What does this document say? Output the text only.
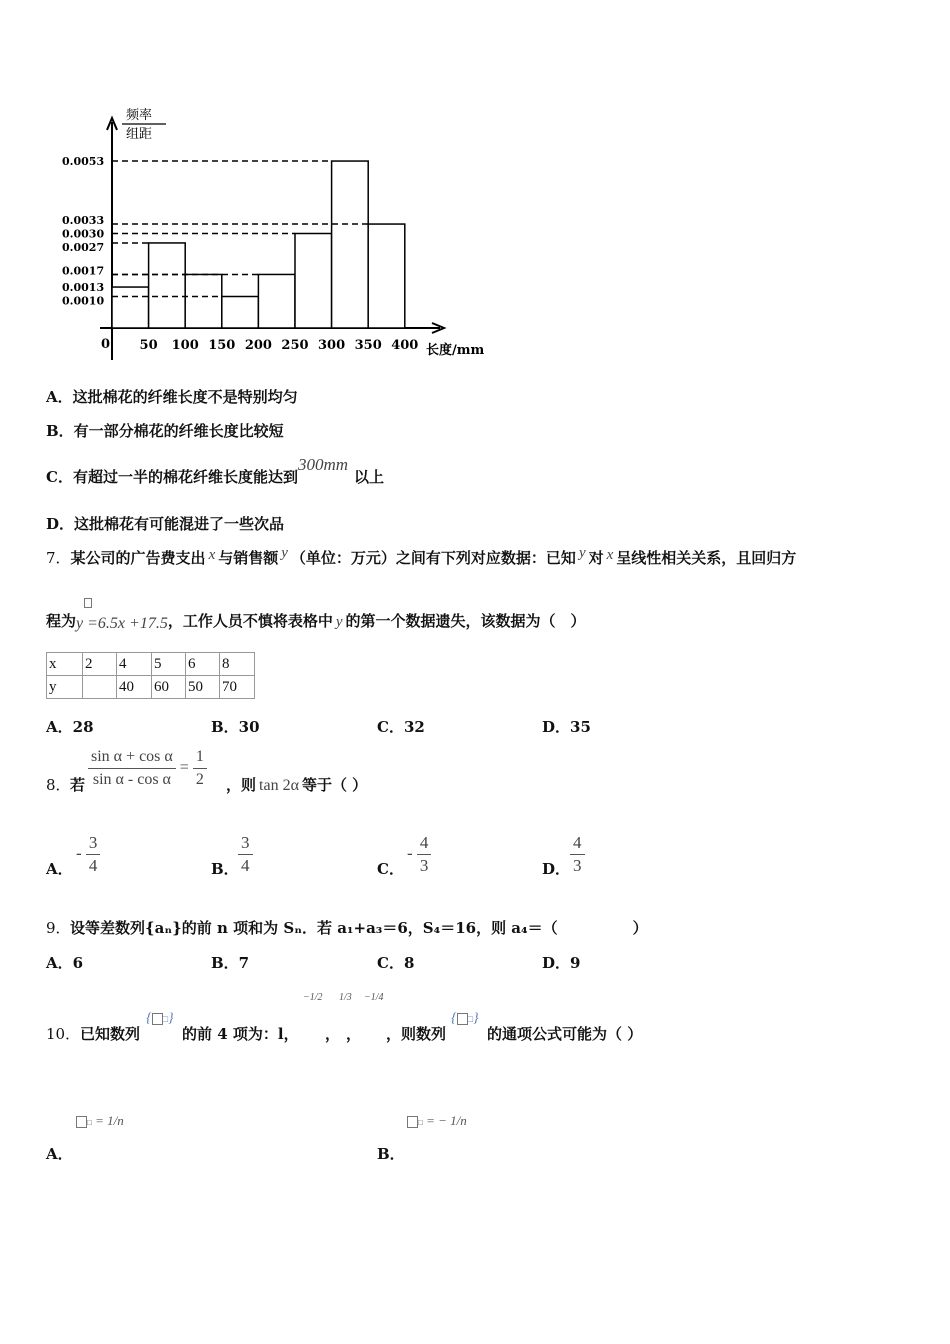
频率
组距
0.0053
0.0033
0.0030
0.0027
0.0017
0.0013
0.0010
50 100 150 200 250 300 350 400
0	长度/mm
A．这批棉花的纤维长度不是特别均匀
B．有一部分棉花的纤维长度比较短
C．有超过一半的棉花纤维长度能达到300mm以上
D．这批棉花有可能混进了一些次品
7．某公司的广告费支出 x 与销售额 y （单位：万元）之间有下列对应数据：已知 y 对 x 呈线性相关关系，且回归方
程为y =6.5x +17.5，工作人员不慎将表格中 y 的第一个数据遗失，该数据为（　）
x	2	4	5	6	8
y		40	60	50	70
A．28	B．30	C．32	D．35
8． 若 $\frac{\text{sin α + cos α}}{\text{sin α - cos α}} = \frac{1}{2}$ ，则 tan 2α 等于（ ）
A．
- $\frac{3}{4}$	B． $\frac{3}{4}$	C．
- $\frac{4}{3}$	D． $\frac{4}{3}$
9． 设等差数列{aₙ}的前 n 项和为 Sₙ．若 a₁+a₃＝6，S₄＝16，则 a₄＝（　　　　　）
A．6	B．7	C．8	D．9
10． 已知数列
{ □}
的前 4 项为：l，
−1/2
，
1/3
，
−1/4
，则数列
{ □}
的通项公式可能为（ ）
□ = 1/n
A．
□ = − 1/n
B．
